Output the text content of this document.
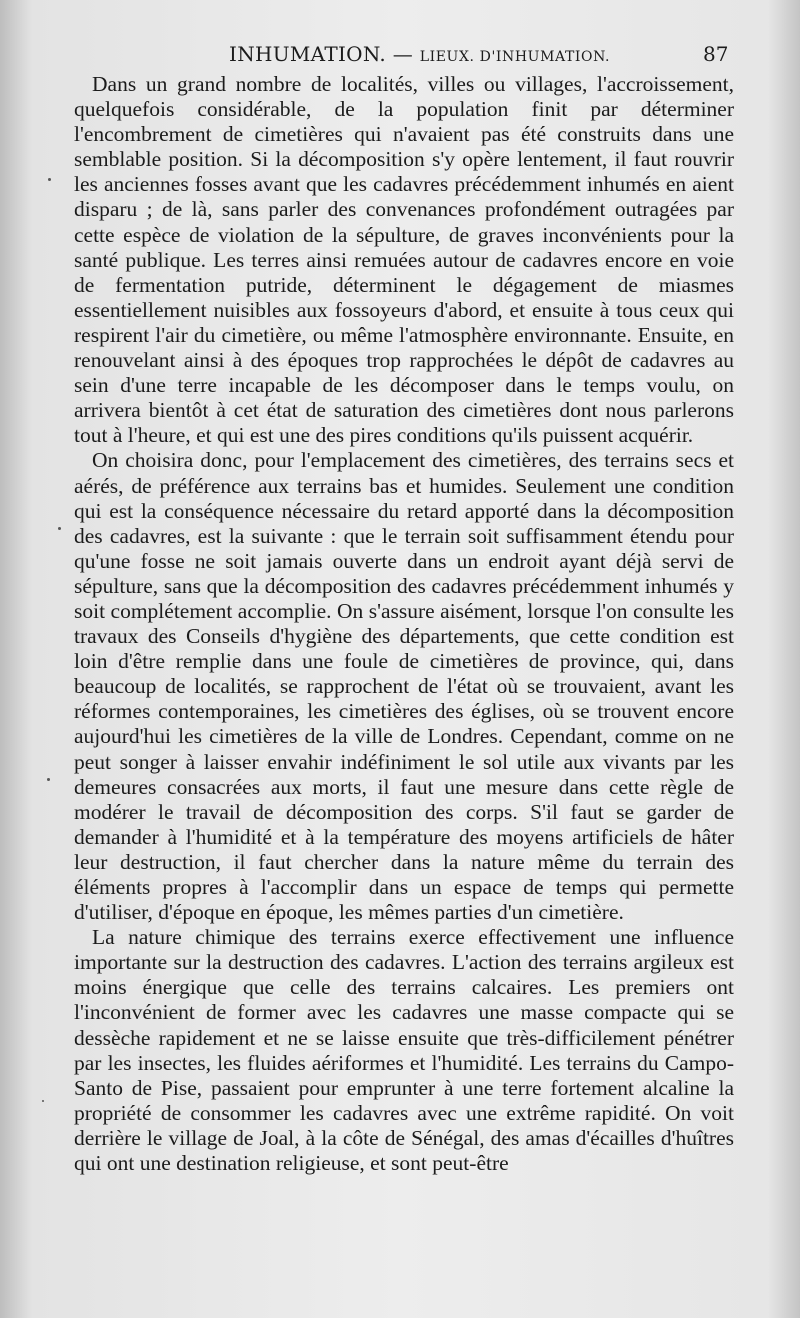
INHUMATION. — LIEUX. D'INHUMATION.	87

Dans un grand nombre de localités, villes ou villages, l'accroissement, quelquefois considérable, de la population finit par déterminer l'encombrement de cimetières qui n'avaient pas été construits dans une semblable position. Si la décomposition s'y opère lentement, il faut rouvrir les anciennes fosses avant que les cadavres précédemment inhumés en aient disparu ; de là, sans parler des convenances profondément outragées par cette espèce de violation de la sépulture, de graves inconvénients pour la santé publique. Les terres ainsi remuées autour de cadavres encore en voie de fermentation putride, déterminent le dégagement de miasmes essentiellement nuisibles aux fossoyeurs d'abord, et ensuite à tous ceux qui respirent l'air du cimetière, ou même l'atmosphère environnante. Ensuite, en renouvelant ainsi à des époques trop rapprochées le dépôt de cadavres au sein d'une terre incapable de les décomposer dans le temps voulu, on arrivera bientôt à cet état de saturation des cimetières dont nous parlerons tout à l'heure, et qui est une des pires conditions qu'ils puissent acquérir.

On choisira donc, pour l'emplacement des cimetières, des terrains secs et aérés, de préférence aux terrains bas et humides. Seulement une condition qui est la conséquence nécessaire du retard apporté dans la décomposition des cadavres, est la suivante : que le terrain soit suffisamment étendu pour qu'une fosse ne soit jamais ouverte dans un endroit ayant déjà servi de sépulture, sans que la décomposition des cadavres précédemment inhumés y soit complétement accomplie. On s'assure aisément, lorsque l'on consulte les travaux des Conseils d'hygiène des départements, que cette condition est loin d'être remplie dans une foule de cimetières de province, qui, dans beaucoup de localités, se rapprochent de l'état où se trouvaient, avant les réformes contemporaines, les cimetières des églises, où se trouvent encore aujourd'hui les cimetières de la ville de Londres. Cependant, comme on ne peut songer à laisser envahir indéfiniment le sol utile aux vivants par les demeures consacrées aux morts, il faut une mesure dans cette règle de modérer le travail de décomposition des corps. S'il faut se garder de demander à l'humidité et à la température des moyens artificiels de hâter leur destruction, il faut chercher dans la nature même du terrain des éléments propres à l'accomplir dans un espace de temps qui permette d'utiliser, d'époque en époque, les mêmes parties d'un cimetière.

La nature chimique des terrains exerce effectivement une influence importante sur la destruction des cadavres. L'action des terrains argileux est moins énergique que celle des terrains calcaires. Les premiers ont l'inconvénient de former avec les cadavres une masse compacte qui se dessèche rapidement et ne se laisse ensuite que très-difficilement pénétrer par les insectes, les fluides aériformes et l'humidité. Les terrains du Campo-Santo de Pise, passaient pour emprunter à une terre fortement alcaline la propriété de consommer les cadavres avec une extrême rapidité. On voit derrière le village de Joal, à la côte de Sénégal, des amas d'écailles d'huîtres qui ont une destination religieuse, et sont peut-être
